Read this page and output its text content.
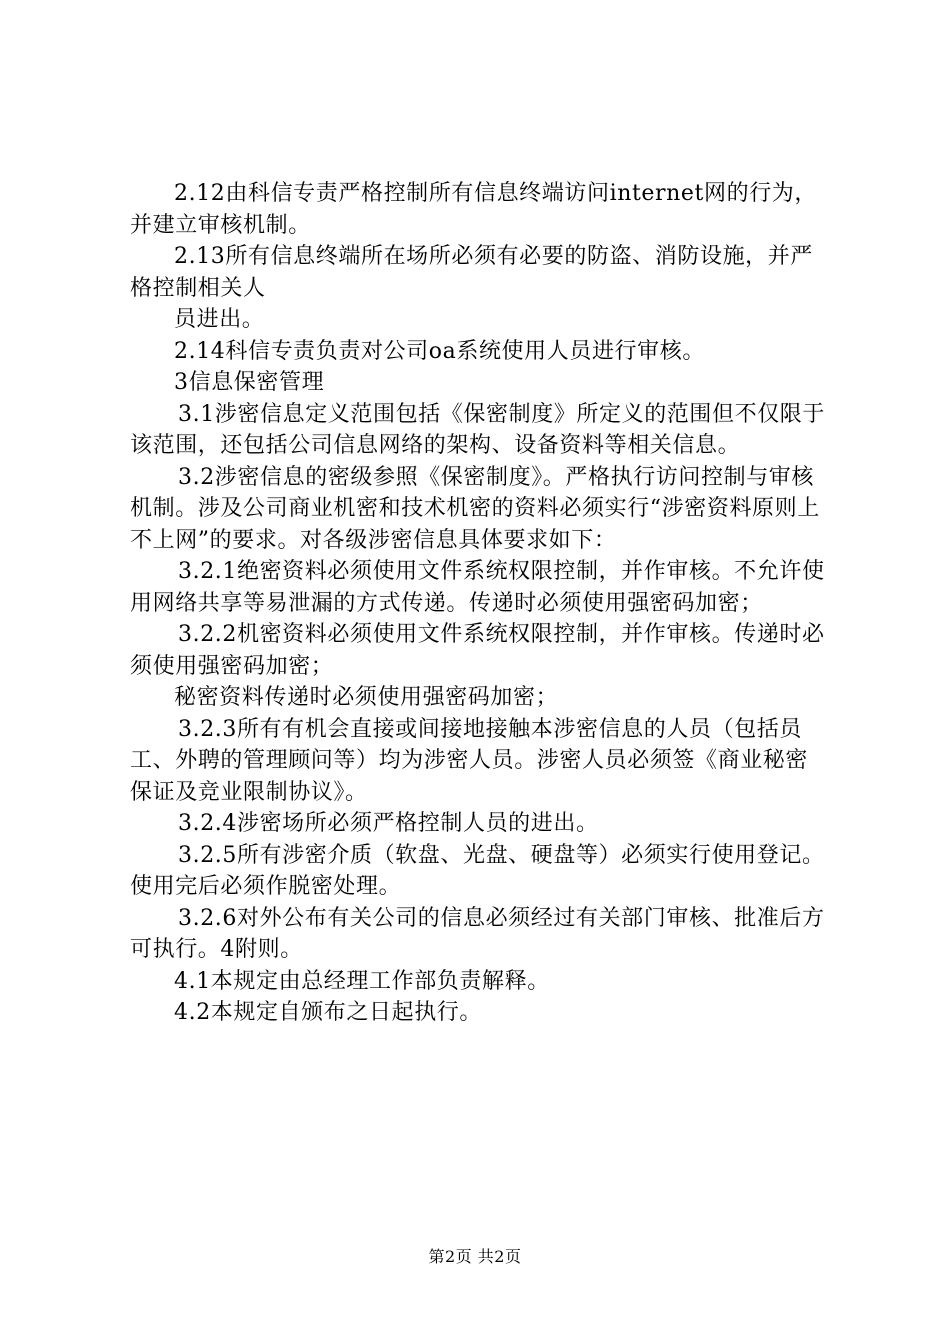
2.12由科信专责严格控制所有信息终端访问internet网的行为，并建立审核机制。

2.13所有信息终端所在场所必须有必要的防盗、消防设施，并严格控制相关人

员进出。

2.14科信专责负责对公司oa系统使用人员进行审核。

3信息保密管理

3.1涉密信息定义范围包括《保密制度》所定义的范围但不仅限于该范围，还包括公司信息网络的架构、设备资料等相关信息。

3.2涉密信息的密级参照《保密制度》。严格执行访问控制与审核机制。涉及公司商业机密和技术机密的资料必须实行“涉密资料原则上不上网”的要求。对各级涉密信息具体要求如下：

3.2.1绝密资料必须使用文件系统权限控制，并作审核。不允许使用网络共享等易泄漏的方式传递。传递时必须使用强密码加密；

3.2.2机密资料必须使用文件系统权限控制，并作审核。传递时必须使用强密码加密；

秘密资料传递时必须使用强密码加密；

3.2.3所有有机会直接或间接地接触本涉密信息的人员（包括员工、外聘的管理顾问等）均为涉密人员。涉密人员必须签《商业秘密保证及竞业限制协议》。

3.2.4涉密场所必须严格控制人员的进出。

3.2.5所有涉密介质（软盘、光盘、硬盘等）必须实行使用登记。使用完后必须作脱密处理。

3.2.6对外公布有关公司的信息必须经过有关部门审核、批准后方可执行。4附则。

4.1本规定由总经理工作部负责解释。

4.2本规定自颁布之日起执行。

第2页 共2页
